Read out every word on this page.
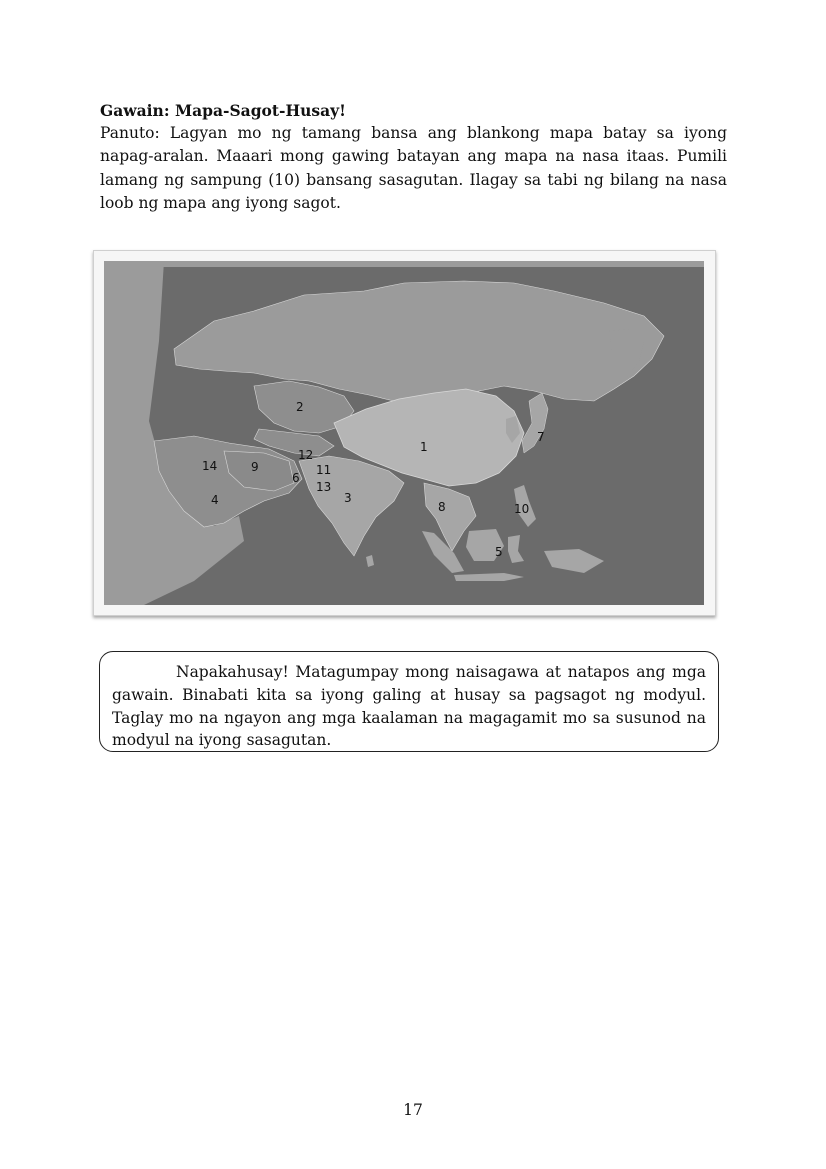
Gawain: Mapa-Sagot-Husay!
Panuto: Lagyan mo ng tamang bansa ang blankong mapa batay sa iyong napag-aralan. Maaari mong gawing batayan ang mapa na nasa itaas. Pumili lamang ng sampung (10) bansang sasagutan. Ilagay sa tabi ng bilang na nasa loob ng mapa ang iyong sagot.
1
2
3
4
5
6
7
8
9
10
11
12
13
14
Napakahusay! Matagumpay mong naisagawa at natapos ang mga gawain. Binabati kita sa iyong galing at husay sa pagsagot ng modyul. Taglay mo na ngayon ang mga kaalaman na magagamit mo sa susunod na modyul na iyong sasagutan.
17
